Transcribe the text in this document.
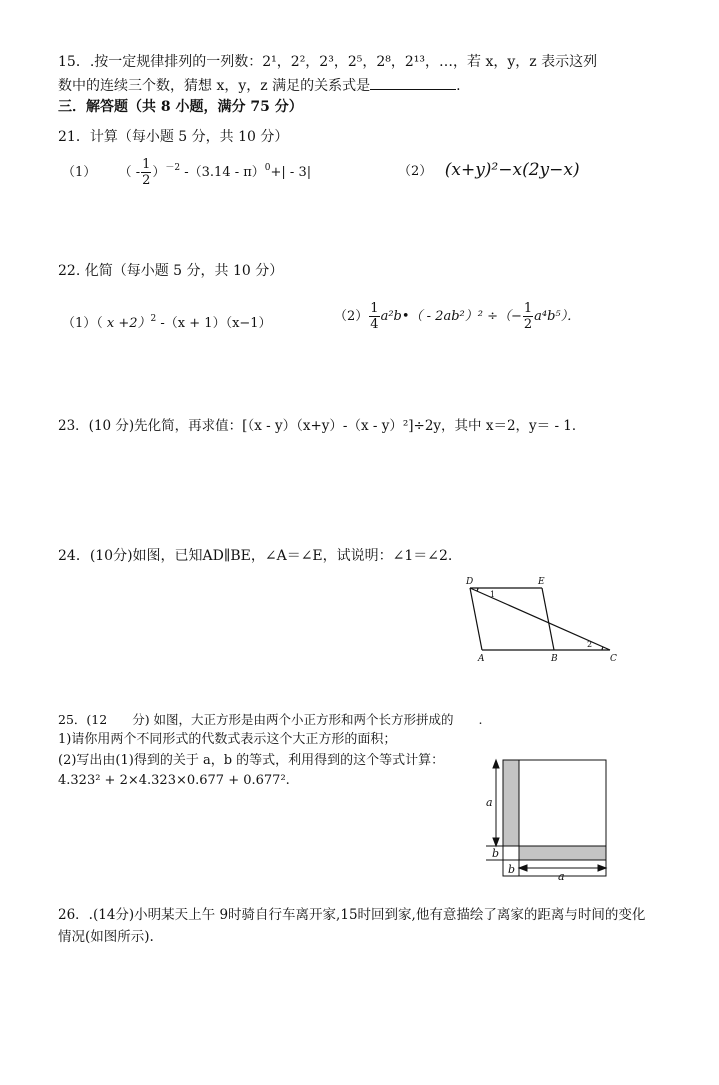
15．.按一定规律排列的一列数：2¹，2²，2³，2⁵，2⁸，2¹³，…，若 x，y，z 表示这列
数中的连续三个数，猜想 x，y，z 满足的关系式是	.
三．解答题（共 8 小题，满分 75 分）
21．计算（每小题 5 分，共 10 分）
（1） （ - $\frac{1}{2} )^{-2}$ -（3.14 - π）$^0$+| - 3|	（2） (x+y)²−x(2y−x)
22. 化简（每小题 5 分，共 10 分）
（1）（ x +2）$^2$ -（x + 1）（x−1）	$(2) \frac{1}{4}$ a²b•（ - 2ab²）² ÷（− $\frac{1}{2} a^4b^5$）．
23．(10 分)先化简，再求值：[（x - y）（x+y）-（x - y）²]÷2y，其中 x＝2，y＝ - 1．
24．(10分)如图，已知AD∥BE，∠A＝∠E，试说明：∠1＝∠2.
D	E
1
2
A	B	C
25．(12　　分) 如图，大正方形是由两个小正方形和两个长方形拼成的　　.
1)请你用两个不同形式的代数式表示这个大正方形的面积；
(2)写出由(1)得到的关于 a，b 的等式，利用得到的这个等式计算：
4.323² + 2×4.323×0.677 + 0.677².
a
b
b
a
26．.(14分)小明某天上午 9时骑自行车离开家,15时回到家,他有意描绘了离家的距离与时间的变化
情况(如图所示).
